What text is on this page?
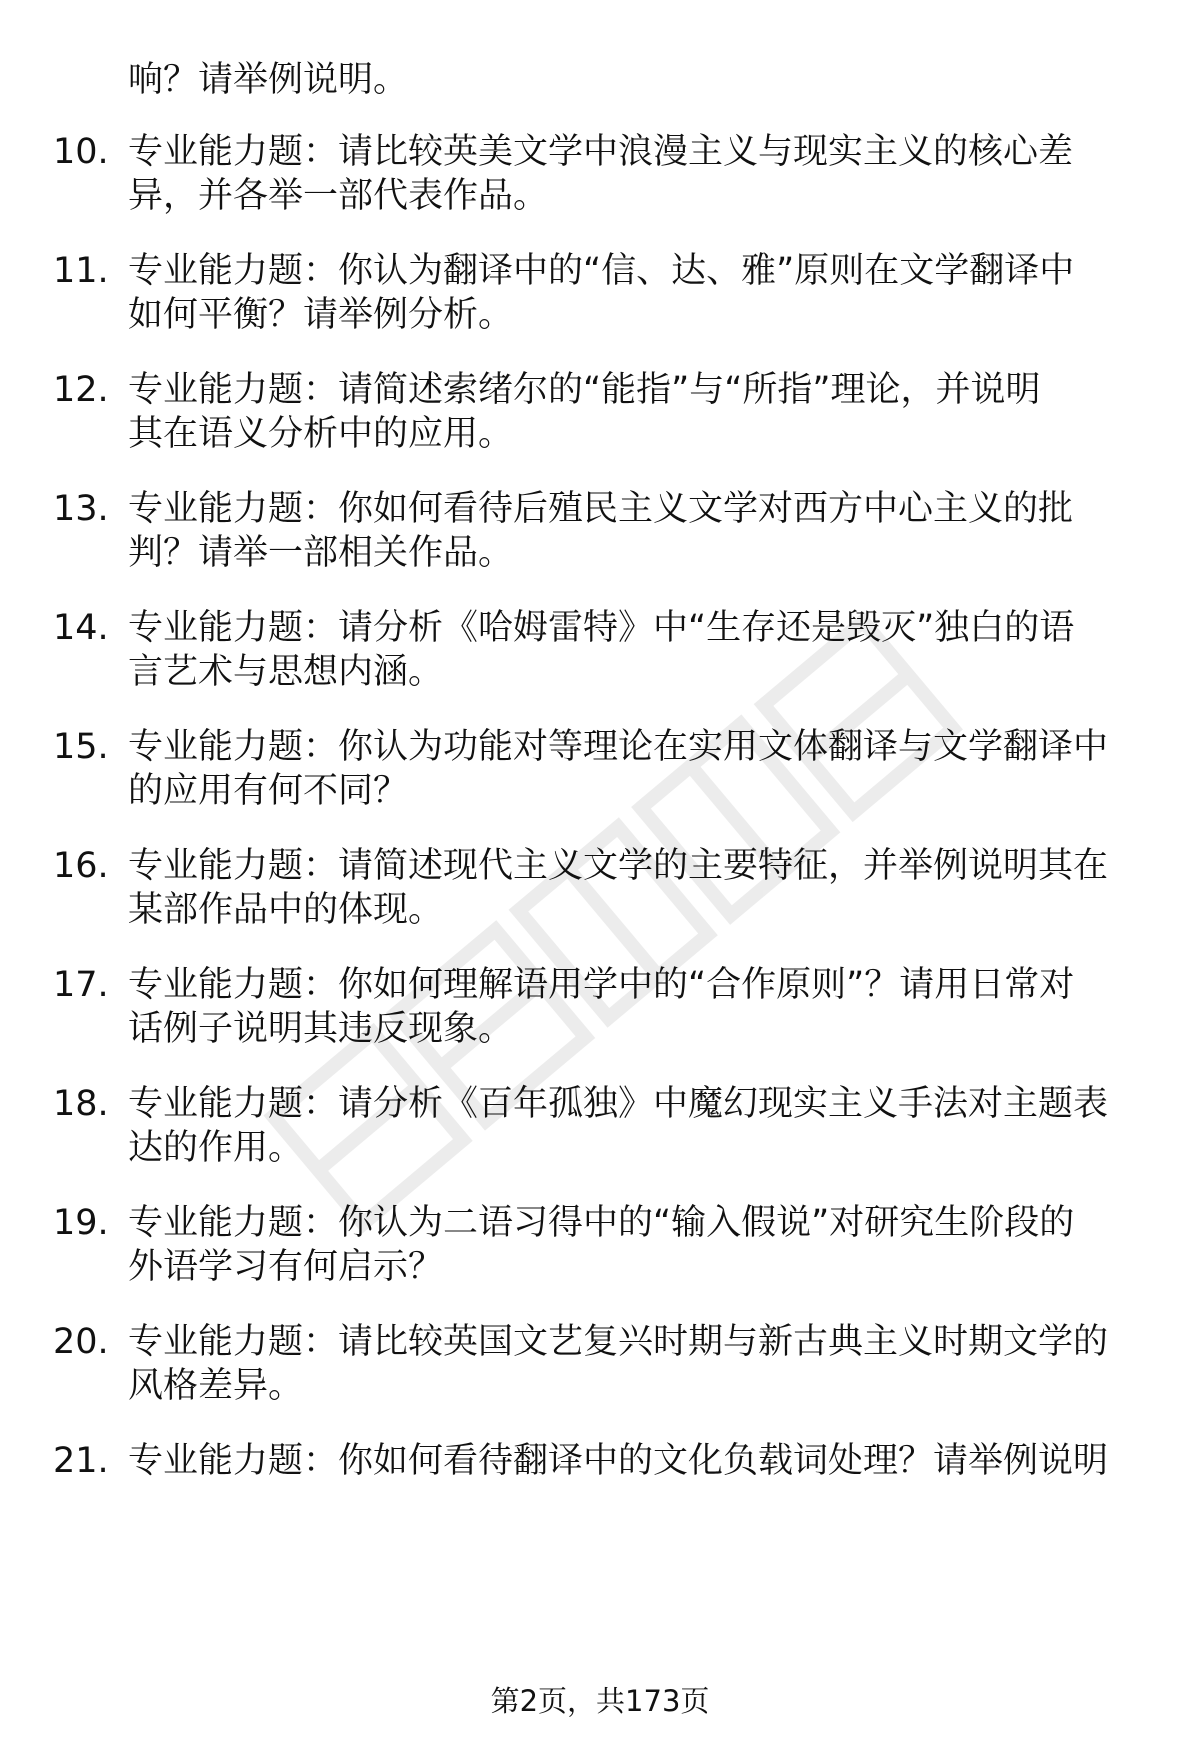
响？请举例说明。
10. 专业能力题：请比较英美文学中浪漫主义与现实主义的核心差
异，并各举一部代表作品。
11. 专业能力题：你认为翻译中的“信、达、雅”原则在文学翻译中
如何平衡？请举例分析。
12. 专业能力题：请简述索绪尔的“能指”与“所指”理论，并说明
其在语义分析中的应用。
13. 专业能力题：你如何看待后殖民主义文学对西方中心主义的批
判？请举一部相关作品。
14. 专业能力题：请分析《哈姆雷特》中“生存还是毁灭”独白的语
言艺术与思想内涵。
15. 专业能力题：你认为功能对等理论在实用文体翻译与文学翻译中
的应用有何不同？
16. 专业能力题：请简述现代主义文学的主要特征，并举例说明其在
某部作品中的体现。
17. 专业能力题：你如何理解语用学中的“合作原则”？请用日常对
话例子说明其违反现象。
18. 专业能力题：请分析《百年孤独》中魔幻现实主义手法对主题表
达的作用。
19. 专业能力题：你认为二语习得中的“输入假说”对研究生阶段的
外语学习有何启示？
20. 专业能力题：请比较英国文艺复兴时期与新古典主义时期文学的
风格差异。
21. 专业能力题：你如何看待翻译中的文化负载词处理？请举例说明
第2页，共173页
